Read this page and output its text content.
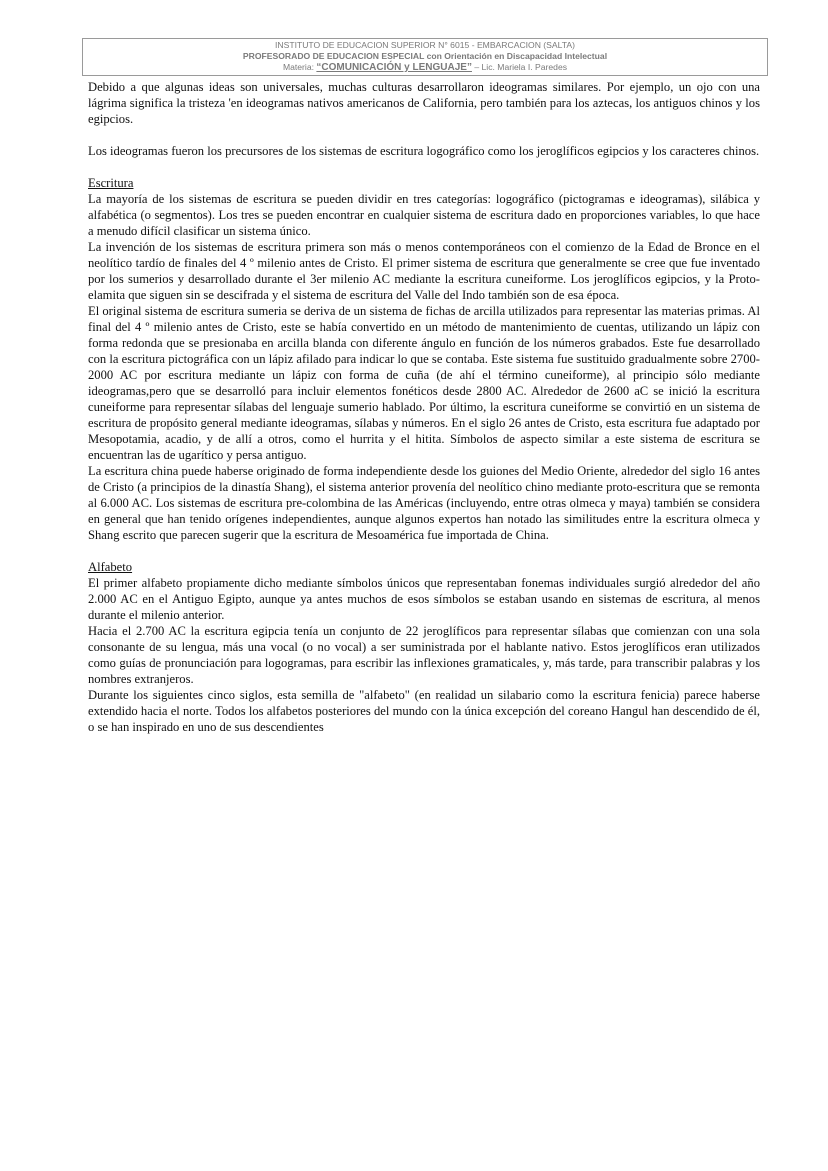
INSTITUTO DE EDUCACION SUPERIOR N° 6015 - EMBARCACION (SALTA)
PROFESORADO DE EDUCACION ESPECIAL con Orientación en Discapacidad Intelectual
Materia: “COMUNICACIÓN y LENGUAJE” – Lic. Mariela I. Paredes

Debido a que algunas ideas son universales, muchas culturas desarrollaron ideogramas similares. Por ejemplo, un ojo con una lágrima significa la tristeza 'en ideogramas nativos americanos de California, pero también para los aztecas, los antiguos chinos y los egipcios.

Los ideogramas fueron los precursores de los sistemas de escritura logográfico como los jeroglíficos egipcios y los caracteres chinos.

Escritura

La mayoría de los sistemas de escritura se pueden dividir en tres categorías: logográfico (pictogramas e ideogramas), silábica y alfabética (o segmentos). Los tres se pueden encontrar en cualquier sistema de escritura dado en proporciones variables, lo que hace a menudo difícil clasificar un sistema único.

La invención de los sistemas de escritura primera son más o menos contemporáneos con el comienzo de la Edad de Bronce en el neolítico tardío de finales del 4 º milenio antes de Cristo. El primer sistema de escritura que generalmente se cree que fue inventado por los sumerios y desarrollado durante el 3er milenio AC mediante la escritura cuneiforme. Los jeroglíficos egipcios, y la Proto-elamita que siguen sin se descifrada y el sistema de escritura del Valle del Indo también son de esa época.

El original sistema de escritura sumeria se deriva de un sistema de fichas de arcilla utilizados para representar las materias primas. Al final del 4 º milenio antes de Cristo, este se había convertido en un método de mantenimiento de cuentas, utilizando un lápiz con forma redonda que se presionaba en arcilla blanda con diferente ángulo en función de los números grabados. Este fue desarrollado con la escritura pictográfica con un lápiz afilado para indicar lo que se contaba. Este sistema fue sustituido gradualmente sobre 2700-2000 AC por escritura mediante un lápiz con forma de cuña (de ahí el término cuneiforme), al principio sólo mediante ideogramas,pero que se desarrolló para incluir elementos fonéticos desde 2800 AC. Alrededor de 2600 aC se inició la escritura cuneiforme para representar sílabas del lenguaje sumerio hablado. Por último, la escritura cuneiforme se convirtió en un sistema de escritura de propósito general mediante ideogramas, sílabas y números. En el siglo 26 antes de Cristo, esta escritura fue adaptado por Mesopotamia, acadio, y de allí a otros, como el hurrita y el hitita. Símbolos de aspecto similar a este sistema de escritura se encuentran las de ugarítico y persa antiguo.

La escritura china puede haberse originado de forma independiente desde los guiones del Medio Oriente, alrededor del siglo 16 antes de Cristo (a principios de la dinastía Shang), el sistema anterior provenía del neolítico chino mediante proto-escritura que se remonta al 6.000 AC. Los sistemas de escritura pre-colombina de las Américas (incluyendo, entre otras olmeca y maya) también se considera en general que han tenido orígenes independientes, aunque algunos expertos han notado las similitudes entre la escritura olmeca y Shang escrito que parecen sugerir que la escritura de Mesoamérica fue importada de China.

Alfabeto

El primer alfabeto propiamente dicho mediante símbolos únicos que representaban fonemas individuales surgió alrededor del año 2.000 AC en el Antiguo Egipto, aunque ya antes muchos de esos símbolos se estaban usando en sistemas de escritura, al menos durante el milenio anterior.

Hacia el 2.700 AC la escritura egipcia tenía un conjunto de 22 jeroglíficos para representar sílabas que comienzan con una sola consonante de su lengua, más una vocal (o no vocal) a ser suministrada por el hablante nativo. Estos jeroglíficos eran utilizados como guías de pronunciación para logogramas, para escribir las inflexiones gramaticales, y, más tarde, para transcribir palabras y los nombres extranjeros.

Durante los siguientes cinco siglos, esta semilla de "alfabeto" (en realidad un silabario como la escritura fenicia) parece haberse extendido hacia el norte. Todos los alfabetos posteriores del mundo con la única excepción del coreano Hangul han descendido de él, o se han inspirado en uno de sus descendientes
